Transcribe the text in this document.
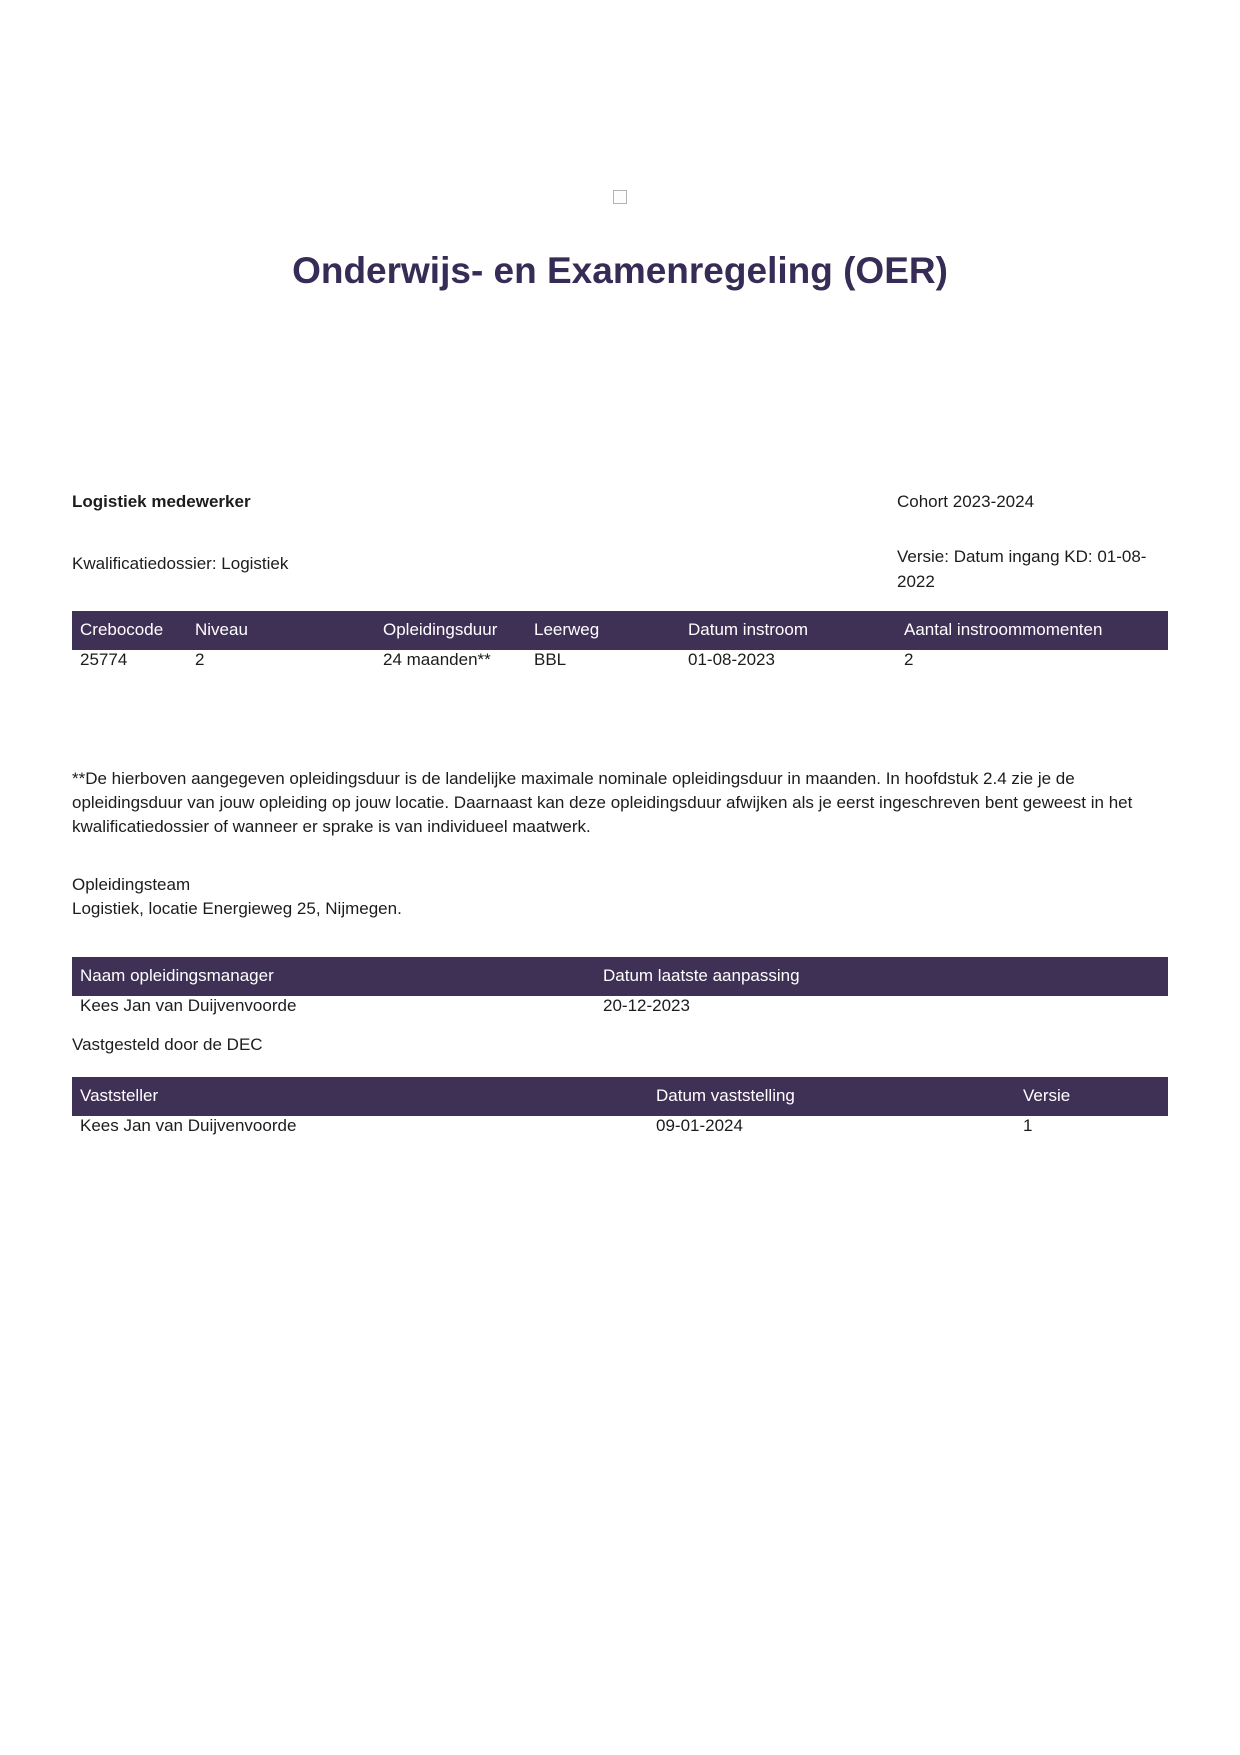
Onderwijs- en Examenregeling (OER)
Logistiek medewerker	Cohort 2023-2024
Kwalificatiedossier: Logistiek	Versie: Datum ingang KD: 01-08-2022
Crebocode	Niveau	Opleidingsduur	Leerweg	Datum instroom	Aantal instroommomenten
25774	2	24 maanden**	BBL	01-08-2023	2

**De hierboven aangegeven opleidingsduur is de landelijke maximale nominale opleidingsduur in maanden. In hoofdstuk 2.4 zie je de opleidingsduur van jouw opleiding op jouw locatie. Daarnaast kan deze opleidingsduur afwijken als je eerst ingeschreven bent geweest in het kwalificatiedossier of wanneer er sprake is van individueel maatwerk.

Opleidingsteam
Logistiek, locatie Energieweg 25, Nijmegen.
Naam opleidingsmanager	Datum laatste aanpassing
Kees Jan van Duijvenvoorde	20-12-2023

Vastgesteld door de DEC

Vaststeller	Datum vaststelling	Versie
Kees Jan van Duijvenvoorde	09-01-2024	1
